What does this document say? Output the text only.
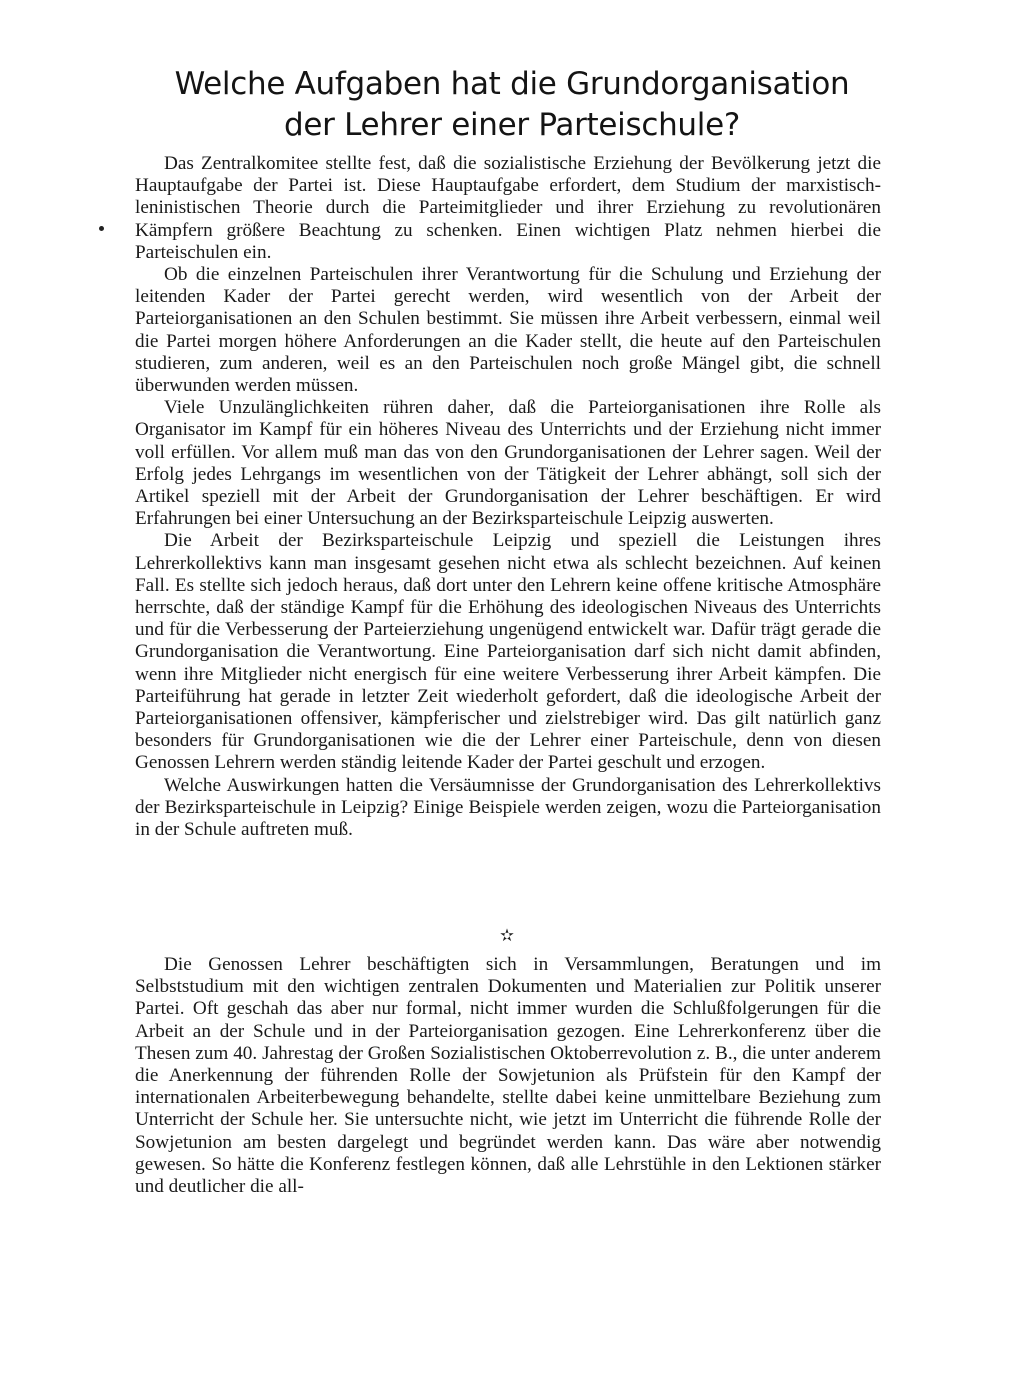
Welche Aufgaben hat die Grundorganisation
der Lehrer einer Parteischule?

Das Zentralkomitee stellte fest, daß die sozialistische Erziehung der Bevölkerung jetzt die Hauptaufgabe der Partei ist. Diese Hauptaufgabe erfordert, dem Studium der marxistisch-leninistischen Theorie durch die Parteimitglieder und ihrer Erziehung zu revolutionären Kämpfern größere Beachtung zu schenken. Einen wichtigen Platz nehmen hierbei die Parteischulen ein.

Ob die einzelnen Parteischulen ihrer Verantwortung für die Schulung und Erziehung der leitenden Kader der Partei gerecht werden, wird wesentlich von der Arbeit der Parteiorganisationen an den Schulen bestimmt. Sie müssen ihre Arbeit verbessern, einmal weil die Partei morgen höhere Anforderungen an die Kader stellt, die heute auf den Parteischulen studieren, zum anderen, weil es an den Parteischulen noch große Mängel gibt, die schnell überwunden werden müssen.

Viele Unzulänglichkeiten rühren daher, daß die Parteiorganisationen ihre Rolle als Organisator im Kampf für ein höheres Niveau des Unterrichts und der Erziehung nicht immer voll erfüllen. Vor allem muß man das von den Grundorganisationen der Lehrer sagen. Weil der Erfolg jedes Lehrgangs im wesentlichen von der Tätigkeit der Lehrer abhängt, soll sich der Artikel speziell mit der Arbeit der Grundorganisation der Lehrer beschäftigen. Er wird Erfahrungen bei einer Untersuchung an der Bezirksparteischule Leipzig auswerten.

Die Arbeit der Bezirksparteischule Leipzig und speziell die Leistungen ihres Lehrerkollektivs kann man insgesamt gesehen nicht etwa als schlecht bezeichnen. Auf keinen Fall. Es stellte sich jedoch heraus, daß dort unter den Lehrern keine offene kritische Atmosphäre herrschte, daß der ständige Kampf für die Erhöhung des ideologischen Niveaus des Unterrichts und für die Verbesserung der Parteierziehung ungenügend entwickelt war. Dafür trägt gerade die Grundorganisation die Verantwortung. Eine Parteiorganisation darf sich nicht damit abfinden, wenn ihre Mitglieder nicht energisch für eine weitere Verbesserung ihrer Arbeit kämpfen. Die Parteiführung hat gerade in letzter Zeit wiederholt gefordert, daß die ideologische Arbeit der Parteiorganisationen offensiver, kämpferischer und zielstrebiger wird. Das gilt natürlich ganz besonders für Grundorganisationen wie die der Lehrer einer Parteischule, denn von diesen Genossen Lehrern werden ständig leitende Kader der Partei geschult und erzogen.

Welche Auswirkungen hatten die Versäumnisse der Grundorganisation des Lehrerkollektivs der Bezirksparteischule in Leipzig? Einige Beispiele werden zeigen, wozu die Parteiorganisation in der Schule auftreten muß.

✫

Die Genossen Lehrer beschäftigten sich in Versammlungen, Beratungen und im Selbststudium mit den wichtigen zentralen Dokumenten und Materialien zur Politik unserer Partei. Oft geschah das aber nur formal, nicht immer wurden die Schlußfolgerungen für die Arbeit an der Schule und in der Parteiorganisation gezogen. Eine Lehrerkonferenz über die Thesen zum 40. Jahrestag der Großen Sozialistischen Oktoberrevolution z. B., die unter anderem die Anerkennung der führenden Rolle der Sowjetunion als Prüfstein für den Kampf der internationalen Arbeiterbewegung behandelte, stellte dabei keine unmittelbare Beziehung zum Unterricht der Schule her. Sie untersuchte nicht, wie jetzt im Unterricht die führende Rolle der Sowjetunion am besten dargelegt und begründet werden kann. Das wäre aber notwendig gewesen. So hätte die Konferenz festlegen können, daß alle Lehrstühle in den Lektionen stärker und deutlicher die all-
